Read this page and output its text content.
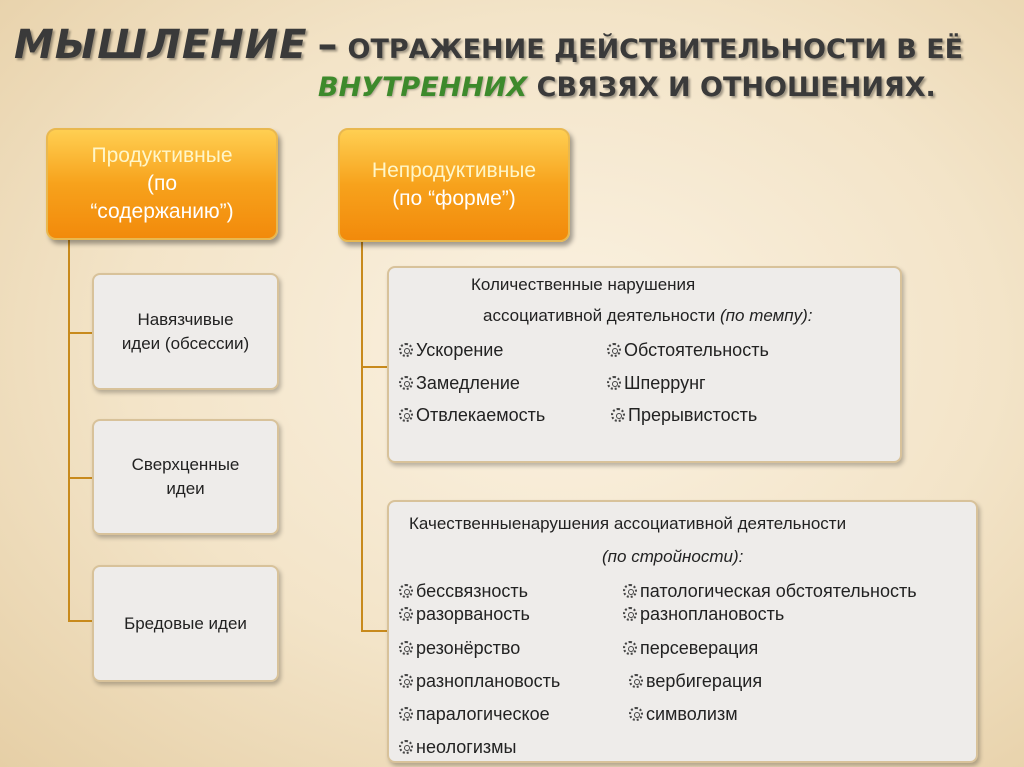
МЫШЛЕНИЕ – ОТРАЖЕНИЕ ДЕЙСТВИТЕЛЬНОСТИ В ЕЁ
ВНУТРЕННИХ СВЯЗЯХ И ОТНОШЕНИЯХ.
Продуктивные
(по
“содержанию”)
Непродуктивные
(по “форме”)
Навязчивые
идеи (обсессии)
Сверхценные
идеи
Бредовые идеи
Количественные нарушения
ассоциативной деятельности (по темпу):
Ускорение
Замедление
Отвлекаемость
Обстоятельность
Шперрунг
Прерывистость
Качественныенарушения ассоциативной деятельности
(по стройности):
бессвязность
разорваность
резонёрство
разноплановость
паралогическое
неологизмы
патологическая обстоятельность
разноплановость
персеверация
вербигерация
символизм
